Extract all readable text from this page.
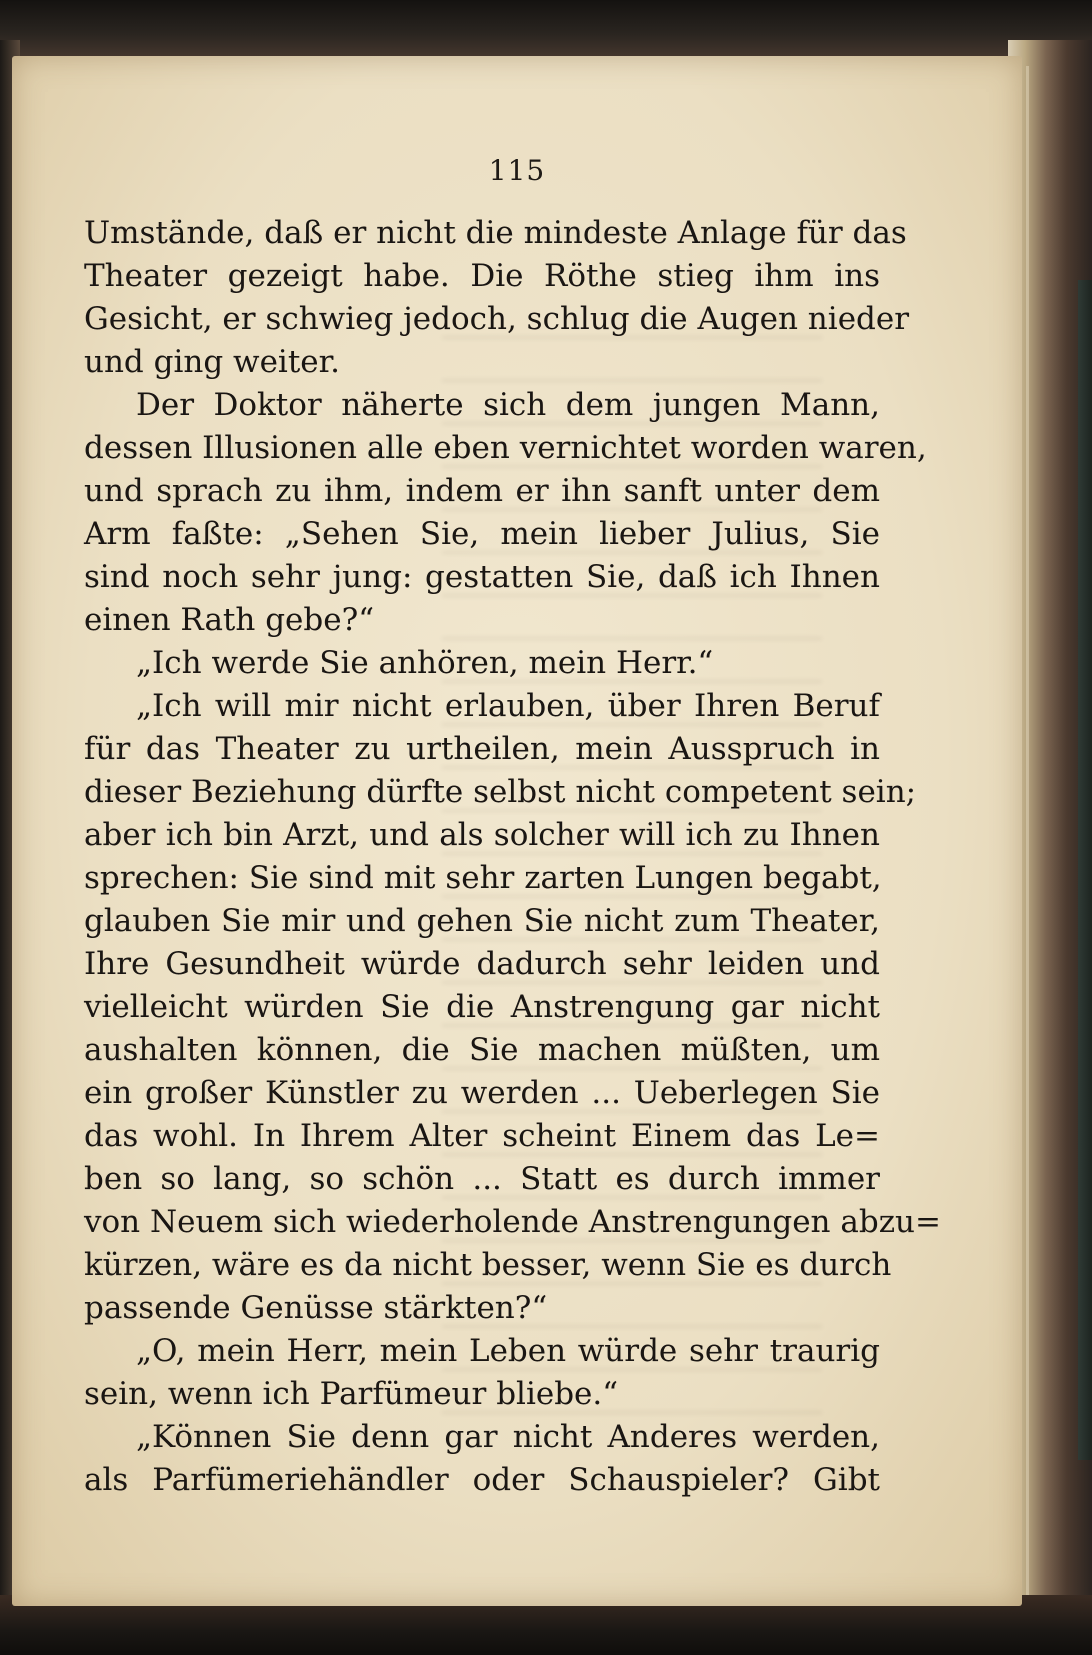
115
Umstände, daß er nicht die mindeste Anlage für das
Theater gezeigt habe. Die Röthe stieg ihm ins
Gesicht, er schwieg jedoch, schlug die Augen nieder
und ging weiter.
Der Doktor näherte sich dem jungen Mann,
dessen Illusionen alle eben vernichtet worden waren,
und sprach zu ihm, indem er ihn sanft unter dem
Arm faßte: „Sehen Sie, mein lieber Julius, Sie
sind noch sehr jung: gestatten Sie, daß ich Ihnen
einen Rath gebe?“
„Ich werde Sie anhören, mein Herr.“
„Ich will mir nicht erlauben, über Ihren Beruf
für das Theater zu urtheilen, mein Ausspruch in
dieser Beziehung dürfte selbst nicht competent sein;
aber ich bin Arzt, und als solcher will ich zu Ihnen
sprechen: Sie sind mit sehr zarten Lungen begabt,
glauben Sie mir und gehen Sie nicht zum Theater,
Ihre Gesundheit würde dadurch sehr leiden und
vielleicht würden Sie die Anstrengung gar nicht
aushalten können, die Sie machen müßten, um
ein großer Künstler zu werden ... Ueberlegen Sie
das wohl. In Ihrem Alter scheint Einem das Le=
ben so lang, so schön ... Statt es durch immer
von Neuem sich wiederholende Anstrengungen abzu=
kürzen, wäre es da nicht besser, wenn Sie es durch
passende Genüsse stärkten?“
„O, mein Herr, mein Leben würde sehr traurig
sein, wenn ich Parfümeur bliebe.“
„Können Sie denn gar nicht Anderes werden,
als Parfümeriehändler oder Schauspieler? Gibt
